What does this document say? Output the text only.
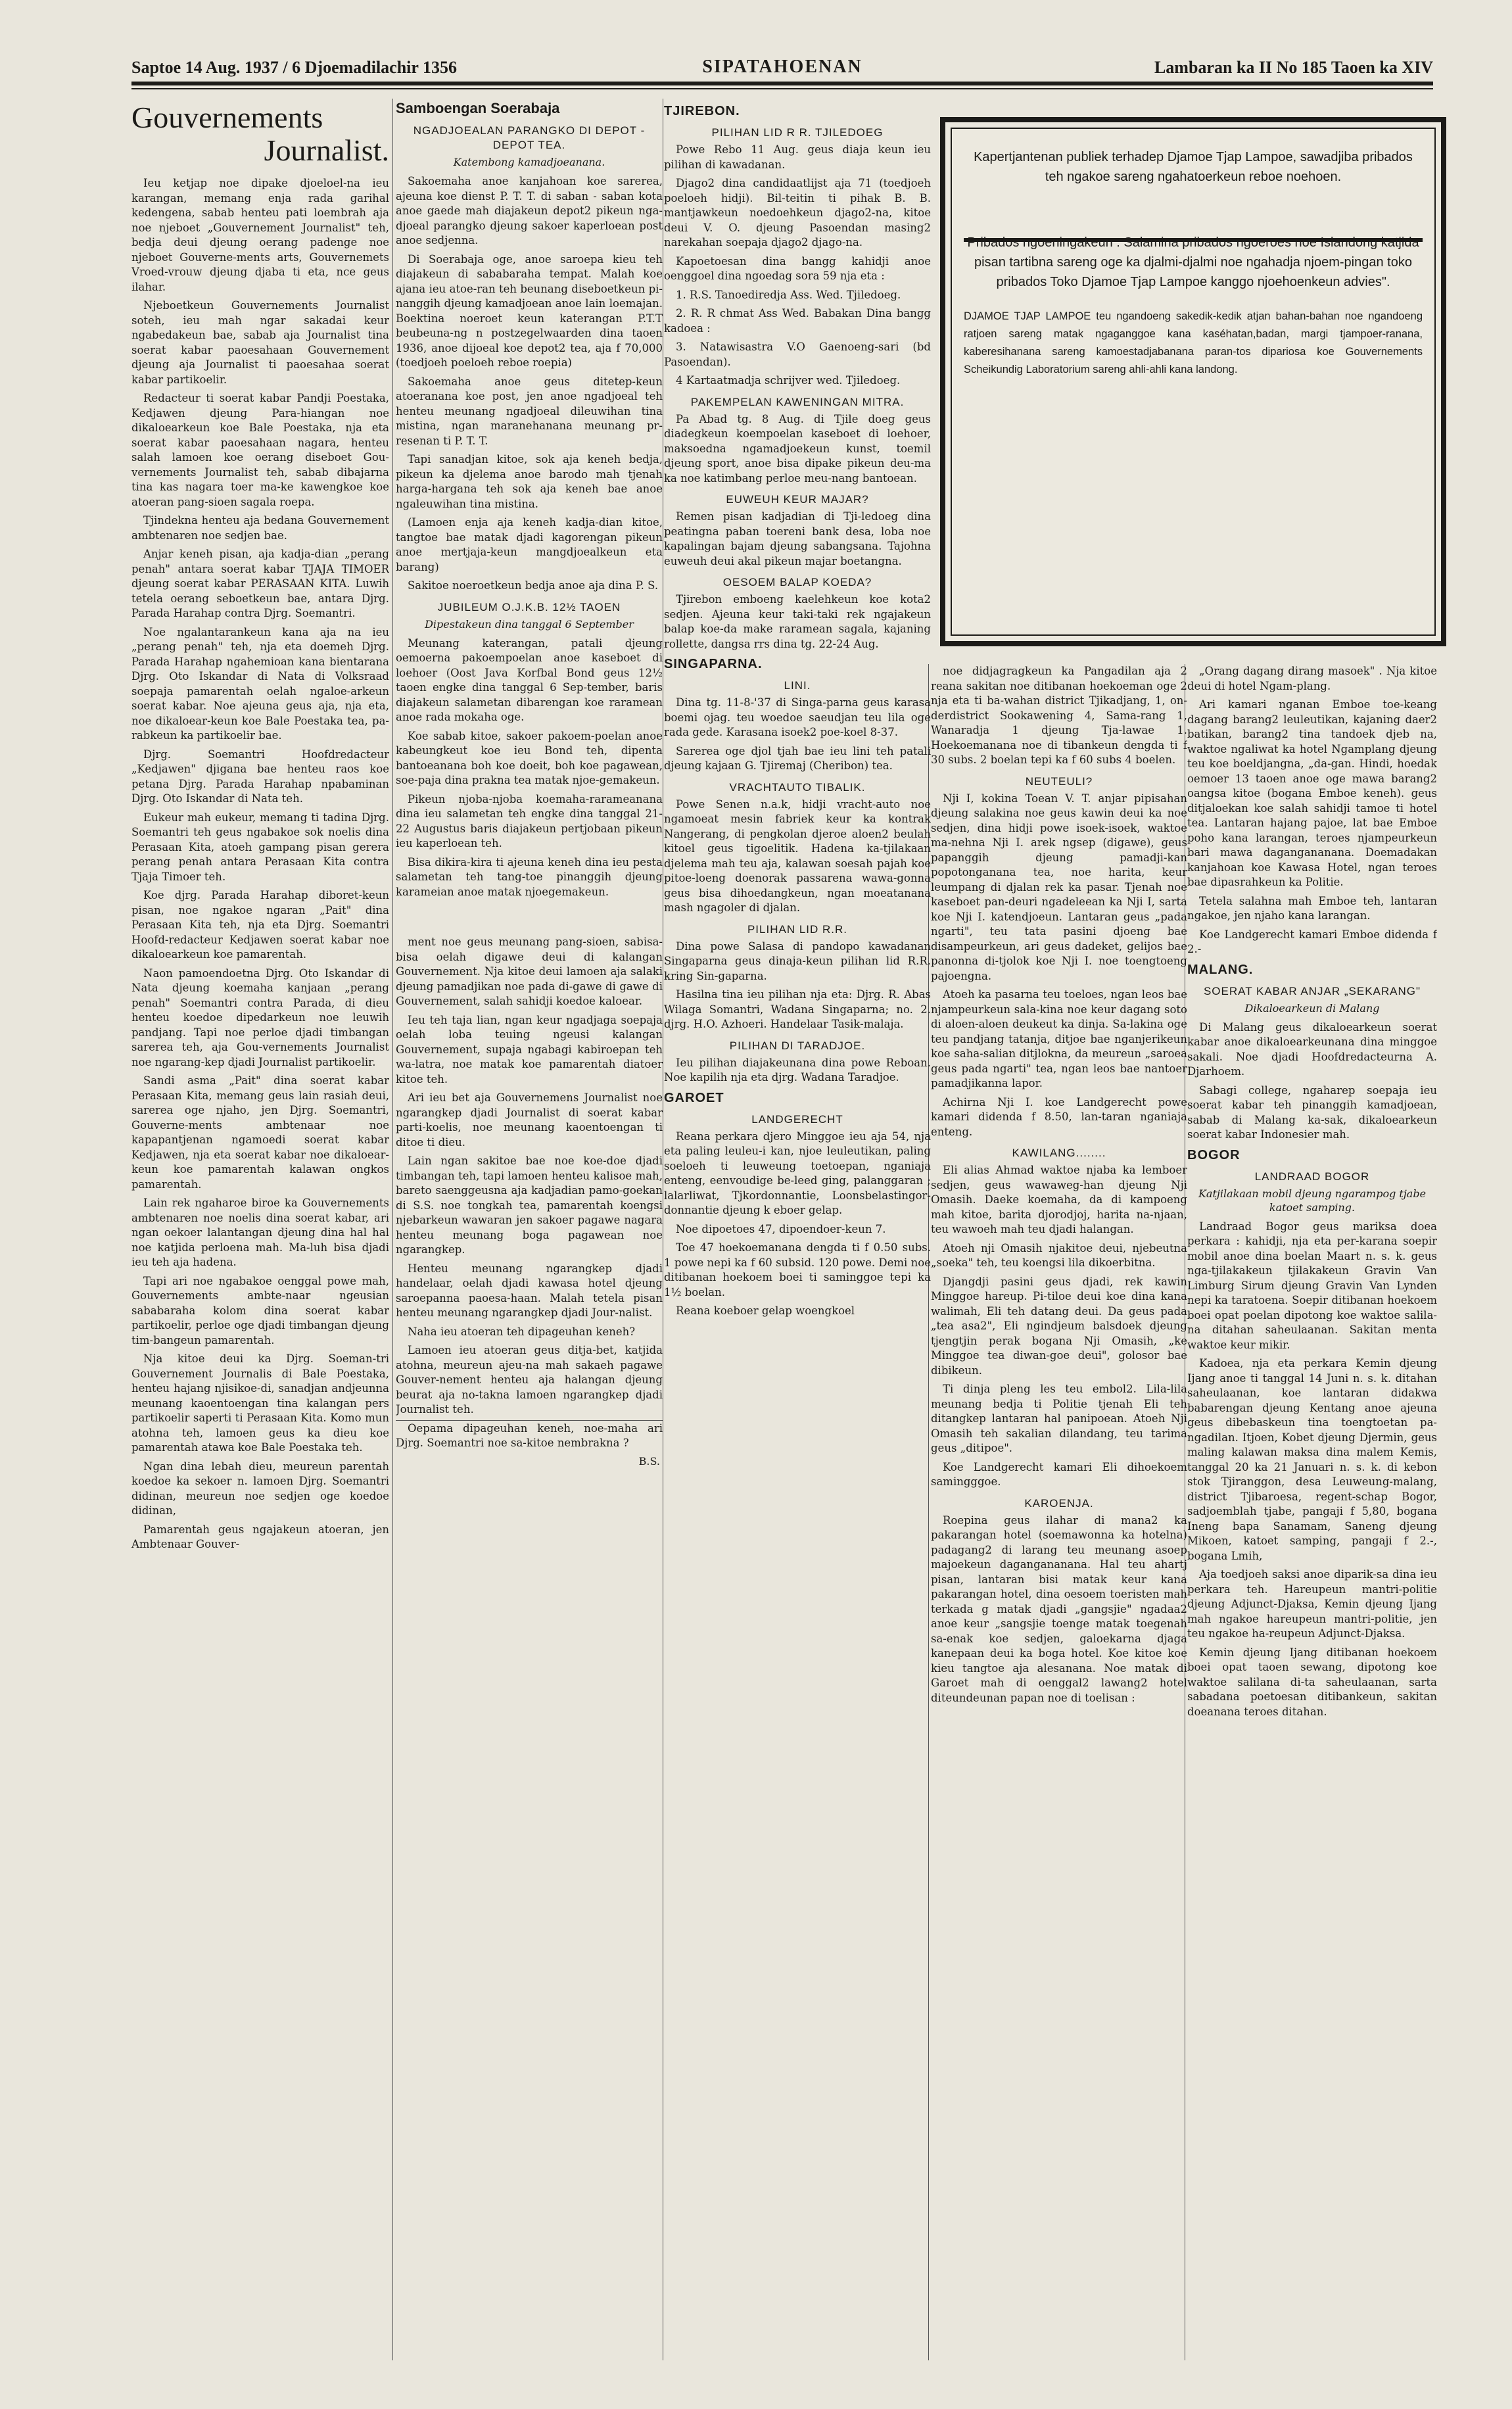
Saptoe 14 Aug. 1937 / 6 Djoemadilachir 1356	SIPATAHOENAN	Lambaran ka II No 185 Taoen ka XIV
Gouvernements
Journalist.

Ieu ketjap noe dipake djoeloel-na ieu karangan, memang enja rada garihal kedengena, sabab henteu pati loembrah aja noe njeboet „Gouvernement Journalist" teh, bedja deui djeung oerang padenge noe njeboet Gouverne-ments arts, Gouvernemets Vroed-vrouw djeung djaba ti eta, nce geus ilahar.

Njeboetkeun Gouvernements Journalist soteh, ieu mah ngar sakadai keur ngabedakeun bae, sabab aja Journalist tina soerat kabar paoesahaan Gouvernement djeung aja Journalist ti paoesahaa soerat kabar partikoelir.

Redacteur ti soerat kabar Pandji Poestaka, Kedjawen djeung Para-hiangan noe dikaloearkeun koe Bale Poestaka, nja eta soerat kabar paoesahaan nagara, henteu salah lamoen koe oerang diseboet Gou-vernements Journalist teh, sabab dibajarna tina kas nagara toer ma-ke kawengkoe koe atoeran pang-sioen sagala roepa.

Tjindekna henteu aja bedana Gouvernement ambtenaren noe sedjen bae.

Anjar keneh pisan, aja kadja-dian „perang penah" antara soerat kabar TJAJA TIMOER djeung soerat kabar PERASAAN KITA. Luwih tetela oerang seboetkeun bae, antara Djrg. Parada Harahap contra Djrg. Soemantri.

Noe ngalantarankeun kana aja na ieu „perang penah" teh, nja eta doemeh Djrg. Parada Harahap ngahemioan kana bientarana Djrg. Oto Iskandar di Nata di Volksraad soepaja pamarentah oelah ngaloe-arkeun soerat kabar. Noe ajeuna geus aja, nja eta, noe dikaloear-keun koe Bale Poestaka tea, pa-rabkeun ka partikoelir bae.

Djrg. Soemantri Hoofdredacteur „Kedjawen" djigana bae henteu raos koe petana Djrg. Parada Harahap npabaminan Djrg. Oto Iskandar di Nata teh.

Eukeur mah eukeur, memang ti tadina Djrg. Soemantri teh geus ngabakoe sok noelis dina Perasaan Kita, atoeh gampang pisan gerera perang penah antara Perasaan Kita contra Tjaja Timoer teh.

Koe djrg. Parada Harahap diboret-keun pisan, noe ngakoe ngaran „Pait" dina Perasaan Kita teh, nja eta Djrg. Soemantri Hoofd-redacteur Kedjawen soerat kabar noe dikaloearkeun koe pamarentah.

Naon pamoendoetna Djrg. Oto Iskandar di Nata djeung koemaha kanjaan „perang penah" Soemantri contra Parada, di dieu henteu koedoe dipedarkeun noe leuwih pandjang. Tapi noe perloe djadi timbangan sarerea teh, aja Gou-vernements Journalist noe ngarang-kep djadi Journalist partikoelir.

Sandi asma „Pait" dina soerat kabar Perasaan Kita, memang geus lain rasiah deui, sarerea oge njaho, jen Djrg. Soemantri, Gouverne-ments ambtenaar noe kapapantjenan ngamoedi soerat kabar Kedjawen, nja eta soerat kabar noe dikaloear-keun koe pamarentah kalawan ongkos pamarentah.

Lain rek ngaharoe biroe ka Gouvernements ambtenaren noe noelis dina soerat kabar, ari ngan oekoer lalantangan djeung dina hal hal noe katjida perloena mah. Ma-luh bisa djadi ieu teh aja hadena.

Tapi ari noe ngabakoe oenggal powe mah, Gouvernements ambte-naar ngeusian sababaraha kolom dina soerat kabar partikoelir, perloe oge djadi timbangan djeung tim-bangeun pamarentah.

Nja kitoe deui ka Djrg. Soeman-tri Gouvernement Journalis di Bale Poestaka, henteu hajang njisikoe-di, sanadjan andjeunna meunang kaoentoengan tina kalangan pers partikoelir saperti ti Perasaan Kita. Komo mun atohna teh, lamoen geus ka dieu koe pamarentah atawa koe Bale Poestaka teh.

Ngan dina lebah dieu, meureun parentah koedoe ka sekoer n. lamoen Djrg. Soemantri didinan, meureun noe sedjen oge koedoe didinan,

Pamarentah geus ngajakeun atoeran, jen Ambtenaar Gouver-

Samboengan Soerabaja
NGADJOEALAN PARANGKO DI DEPOT - DEPOT TEA.
Katembong kamadjoeanana.

Sakoemaha anoe kanjahoan koe sarerea, ajeuna koe dienst P. T. T. di saban - saban kota anoe gaede mah diajakeun depot2 pikeun nga-djoeal parangko djeung sakoer kaperloean post anoe sedjenna.

Di Soerabaja oge, anoe saroepa kieu teh diajakeun di sababaraha tempat. Malah koe ajana ieu atoe-ran teh beunang diseboetkeun pi-nanggih djeung kamadjoean anoe lain loemajan. Boektina noeroet keun katerangan P.T.T beubeuna-ng n postzegelwaarden dina taoen 1936, anoe dijoeal koe depot2 tea, aja f 70,000 (toedjoeh poeloeh reboe roepia)

Sakoemaha anoe geus ditetep-keun atoeranana koe post, jen anoe ngadjoeal teh henteu meunang ngadjoeal dileuwihan tina mistina, ngan maranehanana meunang pr-resenan ti P. T. T.

Tapi sanadjan kitoe, sok aja keneh bedja, pikeun ka djelema anoe barodo mah tjenah harga-hargana teh sok aja keneh bae anoe ngaleuwihan tina mistina.

(Lamoen enja aja keneh kadja-dian kitoe, tangtoe bae matak djadi kagorengan pikeun anoe mertjaja-keun mangdjoealkeun eta barang)

Sakitoe noeroetkeun bedja anoe aja dina P. S.

JUBILEUM O.J.K.B. 12½ TAOEN
Dipestakeun dina tanggal 6 September

Meunang katerangan, patali djeung oemoerna pakoempoelan anoe kaseboet di loehoer (Oost Java Korfbal Bond geus 12½ taoen engke dina tanggal 6 Sep-tember, baris diajakeun salametan dibarengan koe raramean anoe rada mokaha oge.

Koe sabab kitoe, sakoer pakoem-poelan anoe kabeungkeut koe ieu Bond teh, dipenta bantoeanana boh koe doeit, boh koe pagawean, soe-paja dina prakna tea matak njoe-gemakeun.

Pikeun njoba-njoba koemaha-rarameanana dina ieu salametan teh engke dina tanggal 21-22 Augustus baris diajakeun pertjobaan pikeun ieu kaperloean teh.

Bisa dikira-kira ti ajeuna keneh dina ieu pesta salametan teh tang-toe pinanggih djeung karameian anoe matak njoegemakeun.

ment noe geus meunang pang-sioen, sabisa-bisa oelah digawe deui di kalangan Gouvernement. Nja kitoe deui lamoen aja salaki djeung pamadjikan noe pada di-gawe di gawe di Gouvernement, salah sahidji koedoe kaloear.

Ieu teh taja lian, ngan keur ngadjaga soepaja oelah loba teuing ngeusi kalangan Gouvernement, supaja ngabagi kabiroepan teh wa-latra, noe matak koe pamarentah diatoer kitoe teh.

Ari ieu bet aja Gouvernemens Journalist noe ngarangkep djadi Journalist di soerat kabar parti-koelis, noe meunang kaoentoengan ti ditoe ti dieu.

Lain ngan sakitoe bae noe koe-doe djadi timbangan teh, tapi lamoen henteu kalisoe mah, bareto saenggeusna aja kadjadian pamo-goekan di S.S. noe tongkah tea, pamarentah koengsi njebarkeun wawaran jen sakoer pagawe nagara henteu meunang boga pagawean noe ngarangkep.

Henteu meunang ngarangkep djadi handelaar, oelah djadi kawasa hotel djeung saroepanna paoesa-haan. Malah tetela pisan henteu meunang ngarangkep djadi Jour-nalist.

Naha ieu atoeran teh dipageuhan keneh?

Lamoen ieu atoeran geus ditja-bet, katjida atohna, meureun ajeu-na mah sakaeh pagawe Gouver-nement henteu aja halangan djeung beurat aja no-takna lamoen ngarangkep djadi Journalist teh.

Oepama dipageuhan keneh, noe-maha ari Djrg. Soemantri noe sa-kitoe nembrakna ?

B.S.
TJIREBON.
PILIHAN LID R R. TJILEDOEG

Powe Rebo 11 Aug. geus diaja keun ieu pilihan di kawadanan.

Djago2 dina candidaatlijst aja 71 (toedjoeh poeloeh hidji). Bil-teitin ti pihak B. B. mantjawkeun noedoehkeun djago2-na, kitoe deui V. O. djeung Pasoendan masing2 narekahan soepaja djago2 djago-na.

Kapoetoesan dina bangg kahidji anoe oenggoel dina ngoedag sora 59 nja eta :

1. R.S. Tanoediredja Ass. Wed. Tjiledoeg.

2. R. R chmat Ass Wed. Babakan Dina bangg kadoea :

3. Natawisastra V.O Gaenoeng-sari (bd Pasoendan).

4 Kartaatmadja schrijver wed. Tjiledoeg.

PAKEMPELAN KAWENINGAN MITRA.

Pa Abad tg. 8 Aug. di Tjile doeg geus diadegkeun koempoelan kaseboet di loehoer, maksoedna ngamadjoekeun kunst, toemil djeung sport, anoe bisa dipake pikeun deu-ma ka noe katimbang perloe meu-nang bantoean.

EUWEUH KEUR MAJAR?

Remen pisan kadjadian di Tji-ledoeg dina peatingna paban toereni bank desa, loba noe kapalingan bajam djeung sabangsana. Tajohna euweuh deui akal pikeun majar boetangna.

OESOEM BALAP KOEDA?

Tjirebon emboeng kaelehkeun koe kota2 sedjen. Ajeuna keur taki-taki rek ngajakeun balap koe-da make raramean sagala, kajaning rollette, dangsa rrs dina tg. 22-24 Aug.

SINGAPARNA.
LINI.

Dina tg. 11-8-'37 di Singa-parna geus karasa boemi ojag. teu woedoe saeudjan teu lila oge rada gede. Karasana isoek2 poe-koel 8-37.

Sarerea oge djol tjah bae ieu lini teh patali djeung kajaan G. Tjiremaj (Cheribon) tea.

VRACHTAUTO TIBALIK.

Powe Senen n.a.k, hidji vracht-auto noe ngamoeat mesin fabriek keur ka kontrak Nangerang, di pengkolan djeroe aloen2 beulah kitoel geus tigoelitik. Hadena ka-tjilakaan djelema mah teu aja, kalawan soesah pajah koe pitoe-loeng doenorak passarena wawa-gonna geus bisa dihoedangkeun, ngan moeatanana mash ngagoler di djalan.

PILIHAN LID R.R.

Dina powe Salasa di pandopo kawadanan Singaparna geus dinaja-keun pilihan lid R.R. kring Sin-gaparna.

Hasilna tina ieu pilihan nja eta: Djrg. R. Abas Wilaga Somantri, Wadana Singaparna; no. 2. djrg. H.O. Azhoeri. Handelaar Tasik-malaja.

PILIHAN DI TARADJOE.

Ieu pilihan diajakeunana dina powe Reboan. Noe kapilih nja eta djrg. Wadana Taradjoe.

GAROET
LANDGERECHT

Reana perkara djero Minggoe ieu aja 54, nja eta paling leuleu-i kan, njoe leuleutikan, paling soeloeh ti leuweung toetoepan, nganiaja enteng, eenvoudige be-leed ging, palanggaran ; lalarliwat, Tjkordonnantie, Loonsbelastingor-donnantie djeung k eboer gelap.

Noe dipoetoes 47, dipoendoer-keun 7.

Toe 47 hoekoemanana dengda ti f 0.50 subs. 1 powe nepi ka f 60 subsid. 120 powe. Demi noe ditibanan hoekoem boei ti saminggoe tepi ka 1½ boelan.

Reana koeboer gelap woengkoel

Kapertjantenan publiek terhadep Djamoe Tjap Lampoe, sawadjiba pribados teh ngakoe sareng ngahatoerkeun reboe noehoen.

Pribados ngoeningakeun : Salamina pribados ngoeroes noe Islandong katjida pisan tartibna sareng oge ka djalmi-djalmi noe ngahadja njoem-pingan toko pribados Toko Djamoe Tjap Lampoe kanggo njoehoenkeun advies".

DJAMOE TJAP LAMPOE teu ngandoeng sakedik-kedik atjan bahan-bahan noe ngandoeng ratjoen sareng matak ngaganggoe kana kaséhatan,badan, margi tjampoer-ranana, kaberesihanana sareng kamoestadjabanana paran-tos dipariosa koe Gouvernements Scheikundig Laboratorium sareng ahli-ahli kana landong.

noe didjagragkeun ka Pangadilan aja 2 reana sakitan noe ditibanan hoekoeman oge 2 nja eta ti ba-wahan district Tjikadjang, 1, on-derdistrict Sookawening 4, Sama-rang 1, Wanaradja 1 djeung Tja-lawae 1. Hoekoemanana noe di tibankeun dengda ti f 30 subs. 2 boelan tepi ka f 60 subs 4 boelen.

NEUTEULI?

Nji I, kokina Toean V. T. anjar pipisahan djeung salakina noe geus kawin deui ka noe sedjen, dina hidji powe isoek-isoek, waktoe ma-nehna Nji I. arek ngsep (digawe), geus papanggih djeung pamadji-kan popotonganana tea, noe harita, keur leumpang di djalan rek ka pasar. Tjenah noe kaseboet pan-deuri ngadeleean ka Nji I, sarta koe Nji I. katendjoeun. Lantaran geus „pada ngarti", teu tata pasini djoeng bae disampeurkeun, ari geus dadeket, gelijos bae panonna di-tjolok koe Nji I. noe toengtoeng pajoengna.

Atoeh ka pasarna teu toeloes, ngan leos bae njampeurkeun sala-kina noe keur dagang soto di aloen-aloen deukeut ka dinja. Sa-lakina oge teu pandjang tatanja, ditjoe bae nganjerikeun koe saha-salian ditjlokna, da meureun „saroea geus pada ngarti" tea, ngan leos bae nantoer pamadjikanna lapor.

Achirna Nji I. koe Landgerecht powe kamari didenda f 8.50, lan-taran nganiaja enteng.

KAWILANG........

Eli alias Ahmad waktoe njaba ka lemboer sedjen, geus wawaweg-han djeung Nji Omasih. Daeke koemaha, da di kampoeng mah kitoe, barita djorodjoj, harita na-njaan, teu wawoeh mah teu djadi halangan.

Atoeh nji Omasih njakitoe deui, njebeutna „soeka" teh, teu koengsi lila dikoerbitna.

Djangdji pasini geus djadi, rek kawin Minggoe hareup. Pi-tiloe deui koe dina kana walimah, Eli teh datang deui. Da geus pada „tea asa2", Eli ngindjeum balsdoek djeung tjengtjin perak bogana Nji Omasih, „ke Minggoe tea diwan-goe deui", golosor bae dibikeun.

Ti dinja pleng les teu embol2. Lila-lila meunang bedja ti Politie tjenah Eli teh ditangkep lantaran hal panipoean. Atoeh Nji Omasih teh sakalian dilandang, teu tarima geus „ditipoe".

Koe Landgerecht kamari Eli dihoekoem samingggoe.

KAROENJA.

Roepina geus ilahar di mana2 ka pakarangan hotel (soemawonna ka hotelna) padagang2 di larang teu meunang asoep majoekeun dagangananana. Hal teu ahartj pisan, lantaran bisi matak keur kana pakarangan hotel, dina oesoem toeristen mah terkada g matak djadi „gangsjie" ngadaa2 anoe keur „sangsjie toenge matak toegenah sa-enak koe sedjen, galoekarna djaga kanepaan deui ka boga hotel. Koe kitoe koe kieu tangtoe aja alesanana. Noe matak di Garoet mah di oenggal2 lawang2 hotel diteundeunan papan noe di toelisan :

„Orang dagang dirang masoek" . Nja kitoe deui di hotel Ngam-plang.

Ari kamari nganan Emboe toe-keang dagang barang2 leuleutikan, kajaning daer2 batikan, barang2 tina tandoek djeb na, waktoe ngaliwat ka hotel Ngamplang djeung teu koe boeldjangna, „da-gan. Hindi, hoedak oemoer 13 taoen anoe oge mawa barang2 oangsa kitoe (bogana Emboe keneh). geus ditjaloekan koe salah sahidji tamoe ti hotel tea. Lantaran hajang pajoe, lat bae Emboe poho kana larangan, teroes njampeurkeun bari mawa dagangananana. Doemadakan kanjahoan koe Kawasa Hotel, ngan teroes bae dipasrahkeun ka Politie.

Tetela salahna mah Emboe teh, lantaran ngakoe, jen njaho kana larangan.

Koe Landgerecht kamari Emboe didenda f 2.-

MALANG.
SOERAT KABAR ANJAR „SEKARANG"
Dikaloearkeun di Malang

Di Malang geus dikaloearkeun soerat kabar anoe dikaloearkeunana dina minggoe sakali. Noe djadi Hoofdredacteurna A. Djarhoem.

Sabagi college, ngaharep soepaja ieu soerat kabar teh pinanggih kamadjoean, sabab di Malang ka-sak, dikaloearkeun soerat kabar Indonesier mah.

BOGOR
LANDRAAD BOGOR
Katjilakaan mobil djeung ngarampog tjabe katoet samping.

Landraad Bogor geus mariksa doea perkara : kahidji, nja eta per-karana soepir mobil anoe dina boelan Maart n. s. k. geus nga-tjilakakeun tjilakakeun Gravin Van Limburg Sirum djeung Gravin Van Lynden nepi ka taratoena. Soepir ditibanan hoekoem boei opat poelan dipotong koe waktoe salila-na ditahan saheulaanan. Sakitan menta waktoe keur mikir.

Kadoea, nja eta perkara Kemin djeung Ijang anoe ti tanggal 14 Juni n. s. k. ditahan saheulaanan, koe lantaran didakwa babarengan djeung Kentang anoe ajeuna geus dibebaskeun tina toengtoetan pa-ngadilan. Itjoen, Kobet djeung Djermin, geus maling kalawan maksa dina malem Kemis, tanggal 20 ka 21 Januari n. s. k. di kebon stok Tjiranggon, desa Leuweung-malang, district Tjibaroesa, regent-schap Bogor, sadjoemblah tjabe, pangaji f 5,80, bogana Ineng bapa Sanamam, Saneng djeung Mikoen, katoet samping, pangaji f 2.-, bogana Lmih,

Aja toedjoeh saksi anoe diparik-sa dina ieu perkara teh. Hareupeun mantri-politie djeung Adjunct-Djaksa, Kemin djeung Ijang mah ngakoe hareupeun mantri-politie, jen teu ngakoe ha-reupeun Adjunct-Djaksa.

Kemin djeung Ijang ditibanan hoekoem boei opat taoen sewang, dipotong koe waktoe salilana di-ta saheulaanan, sarta sabadana poetoesan ditibankeun, sakitan doeanana teroes ditahan.
